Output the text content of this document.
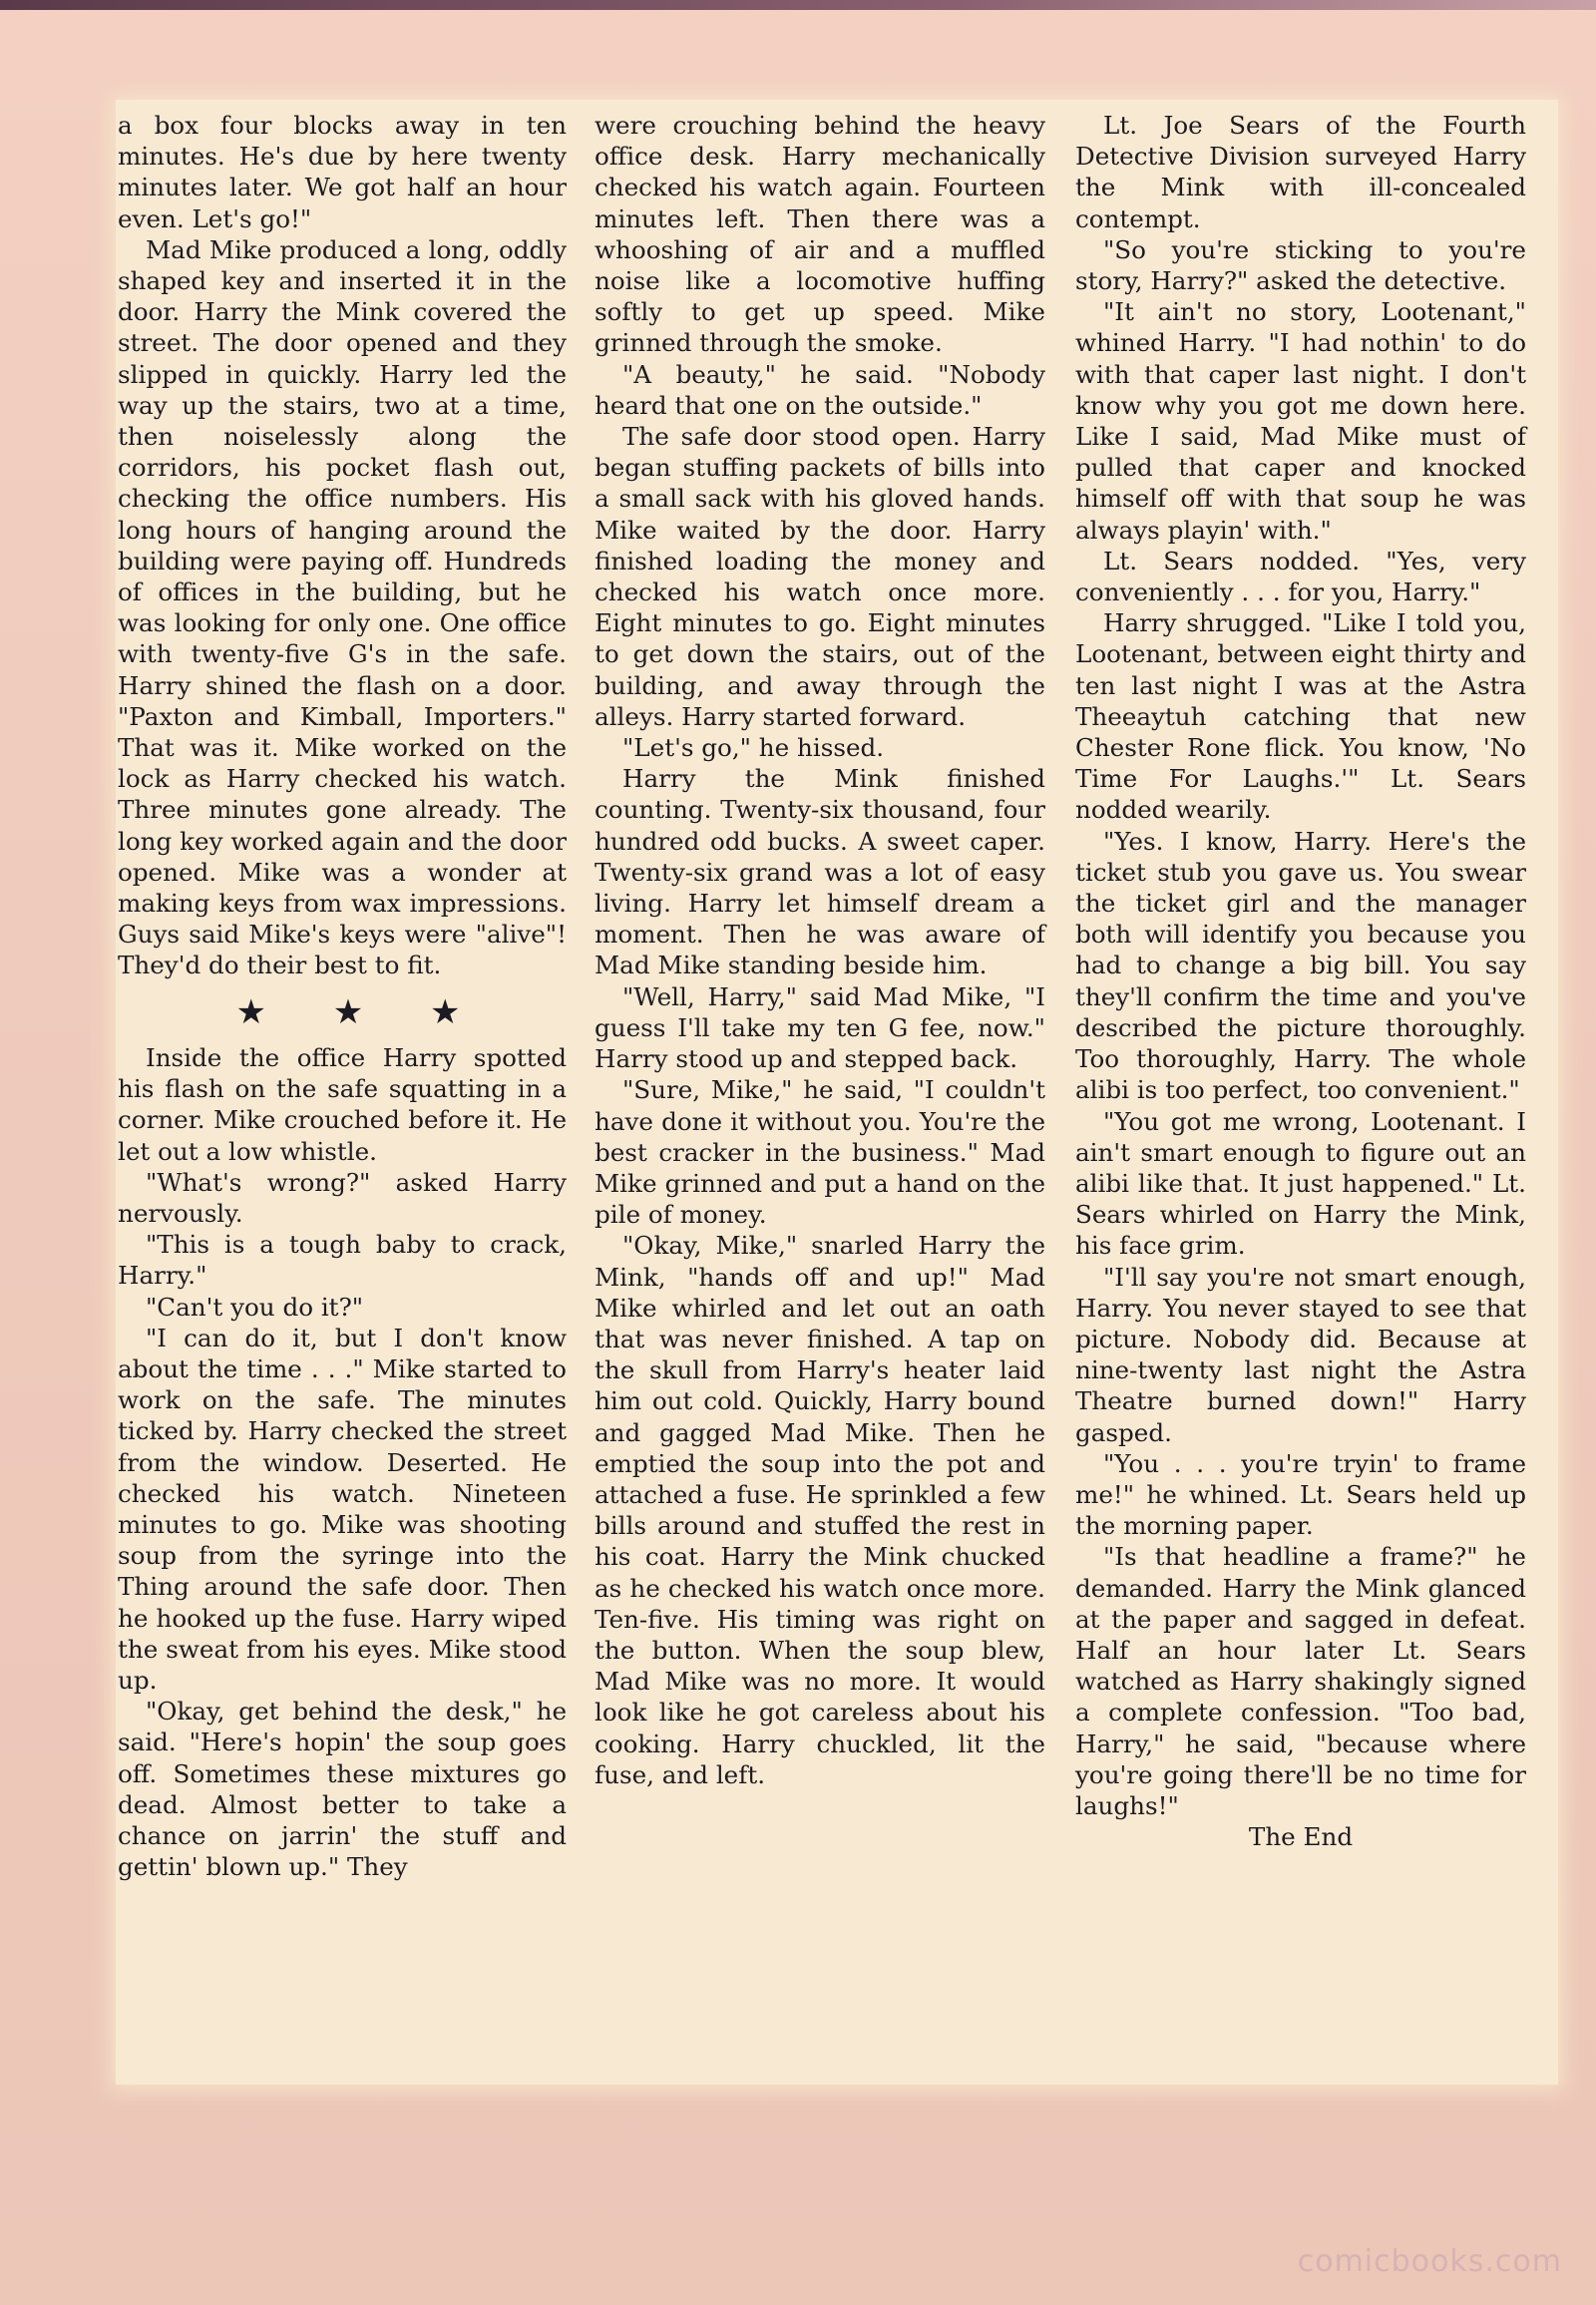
a box four blocks away in ten minutes. He's due by here twenty minutes later. We got half an hour even. Let's go!"

Mad Mike produced a long, oddly shaped key and inserted it in the door. Harry the Mink covered the street. The door opened and they slipped in quickly. Harry led the way up the stairs, two at a time, then noiselessly along the corridors, his pocket flash out, checking the office numbers. His long hours of hanging around the building were paying off. Hundreds of offices in the building, but he was looking for only one. One office with twenty-five G's in the safe. Harry shined the flash on a door. "Paxton and Kimball, Importers." That was it. Mike worked on the lock as Harry checked his watch. Three minutes gone already. The long key worked again and the door opened. Mike was a wonder at making keys from wax impressions. Guys said Mike's keys were "alive"! They'd do their best to fit.

★ ★ ★

Inside the office Harry spotted his flash on the safe squatting in a corner. Mike crouched before it. He let out a low whistle.

"What's wrong?" asked Harry nervously.

"This is a tough baby to crack, Harry."

"Can't you do it?"

"I can do it, but I don't know about the time . . ." Mike started to work on the safe. The minutes ticked by. Harry checked the street from the window. Deserted. He checked his watch. Nineteen minutes to go. Mike was shooting soup from the syringe into the Thing around the safe door. Then he hooked up the fuse. Harry wiped the sweat from his eyes. Mike stood up.

"Okay, get behind the desk," he said. "Here's hopin' the soup goes off. Sometimes these mixtures go dead. Almost better to take a chance on jarrin' the stuff and gettin' blown up." They

were crouching behind the heavy office desk. Harry mechanically checked his watch again. Fourteen minutes left. Then there was a whooshing of air and a muffled noise like a locomotive huffing softly to get up speed. Mike grinned through the smoke.

"A beauty," he said. "Nobody heard that one on the outside."

The safe door stood open. Harry began stuffing packets of bills into a small sack with his gloved hands. Mike waited by the door. Harry finished loading the money and checked his watch once more. Eight minutes to go. Eight minutes to get down the stairs, out of the building, and away through the alleys. Harry started forward.

"Let's go," he hissed.

Harry the Mink finished counting. Twenty-six thousand, four hundred odd bucks. A sweet caper. Twenty-six grand was a lot of easy living. Harry let himself dream a moment. Then he was aware of Mad Mike standing beside him.

"Well, Harry," said Mad Mike, "I guess I'll take my ten G fee, now." Harry stood up and stepped back.

"Sure, Mike," he said, "I couldn't have done it without you. You're the best cracker in the business." Mad Mike grinned and put a hand on the pile of money.

"Okay, Mike," snarled Harry the Mink, "hands off and up!" Mad Mike whirled and let out an oath that was never finished. A tap on the skull from Harry's heater laid him out cold. Quickly, Harry bound and gagged Mad Mike. Then he emptied the soup into the pot and attached a fuse. He sprinkled a few bills around and stuffed the rest in his coat. Harry the Mink chucked as he checked his watch once more. Ten-five. His timing was right on the button. When the soup blew, Mad Mike was no more. It would look like he got careless about his cooking. Harry chuckled, lit the fuse, and left.

Lt. Joe Sears of the Fourth Detective Division surveyed Harry the Mink with ill-concealed contempt.

"So you're sticking to you're story, Harry?" asked the detective.

"It ain't no story, Lootenant," whined Harry. "I had nothin' to do with that caper last night. I don't know why you got me down here. Like I said, Mad Mike must of pulled that caper and knocked himself off with that soup he was always playin' with."

Lt. Sears nodded. "Yes, very conveniently . . . for you, Harry."

Harry shrugged. "Like I told you, Lootenant, between eight thirty and ten last night I was at the Astra Theeaytuh catching that new Chester Rone flick. You know, 'No Time For Laughs.'" Lt. Sears nodded wearily.

"Yes. I know, Harry. Here's the ticket stub you gave us. You swear the ticket girl and the manager both will identify you because you had to change a big bill. You say they'll confirm the time and you've described the picture thoroughly. Too thoroughly, Harry. The whole alibi is too perfect, too convenient."

"You got me wrong, Lootenant. I ain't smart enough to figure out an alibi like that. It just happened." Lt. Sears whirled on Harry the Mink, his face grim.

"I'll say you're not smart enough, Harry. You never stayed to see that picture. Nobody did. Because at nine-twenty last night the Astra Theatre burned down!" Harry gasped.

"You . . . you're tryin' to frame me!" he whined. Lt. Sears held up the morning paper.

"Is that headline a frame?" he demanded. Harry the Mink glanced at the paper and sagged in defeat. Half an hour later Lt. Sears watched as Harry shakingly signed a complete confession. "Too bad, Harry," he said, "because where you're going there'll be no time for laughs!"

The End

comicbooks.com
